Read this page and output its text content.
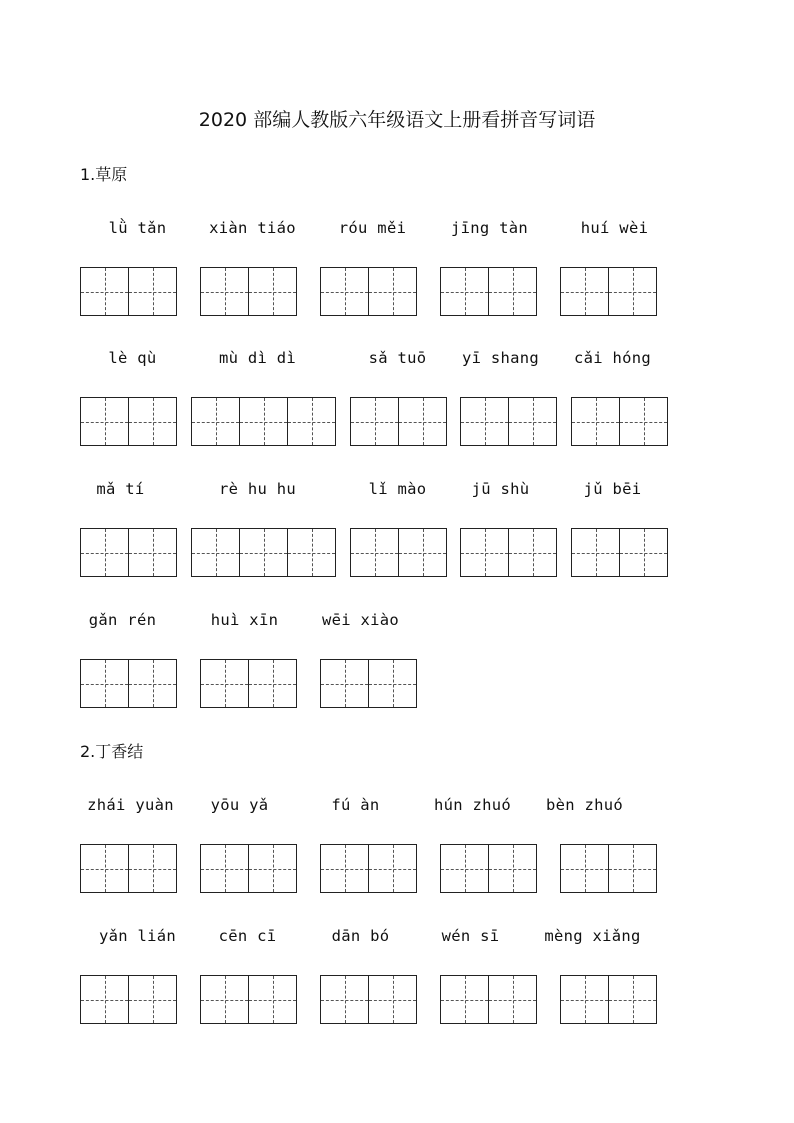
2020 部编人教版六年级语文上册看拼音写词语
1.草原
lǜ tǎn	xiàn tiáo	róu měi	jīng tàn	huí wèi
lè qù	mù dì dì	sǎ tuō	yī shang	cǎi hóng
mǎ tí	rè hu hu	lǐ mào	jū shù	jǔ bēi
gǎn rén	huì xīn	wēi xiào
2.丁香结
zhái yuàn	yōu yǎ	fú àn	hún zhuó	bèn zhuó
yǎn lián	cēn cī	dān bó	wén sī	mèng xiǎng
